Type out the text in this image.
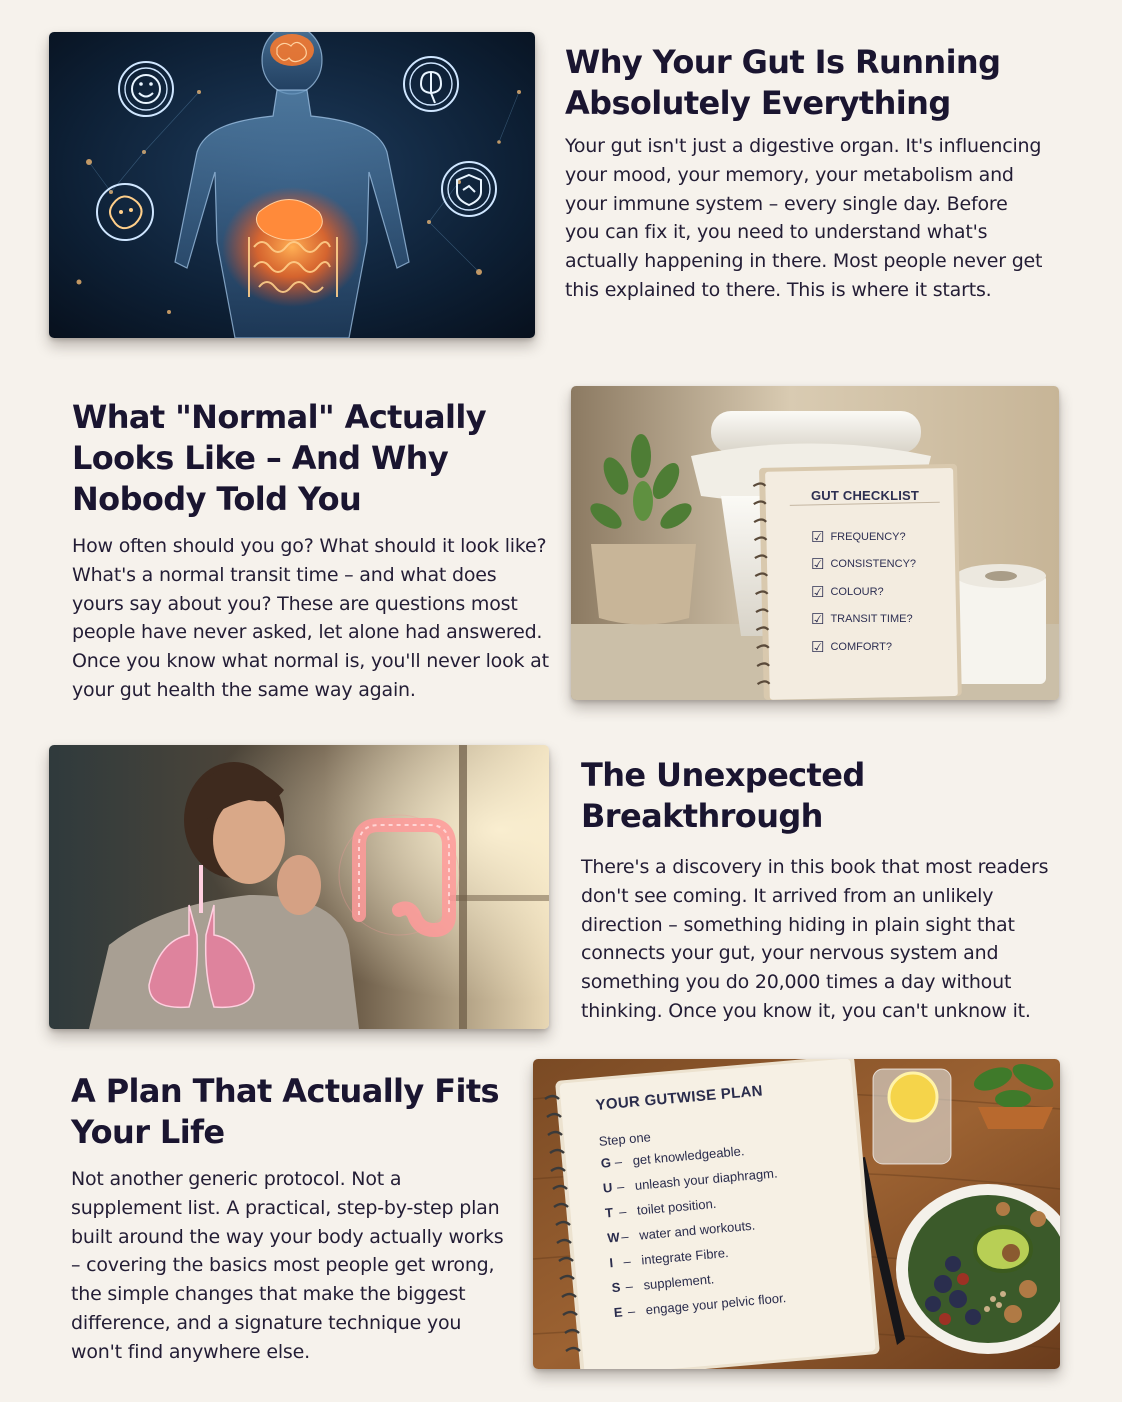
Why Your Gut Is Running Absolutely Everything

Your gut isn't just a digestive organ. It's influencing your mood, your memory, your metabolism and your immune system – every single day. Before you can fix it, you need to understand what's actually happening in there. Most people never get this explained to there. This is where it starts.

What "Normal" Actually Looks Like – And Why Nobody Told You

How often should you go? What should it look like? What's a normal transit time – and what does yours say about you? These are questions most people have never asked, let alone had answered. Once you know what normal is, you'll never look at your gut health the same way again.

GUT CHECKLIST
☑ FREQUENCY?
☑ CONSISTENCY?
☑ COLOUR?
☑ TRANSIT TIME?
☑ COMFORT?
The Unexpected Breakthrough

There's a discovery in this book that most readers don't see coming. It arrived from an unlikely direction – something hiding in plain sight that connects your gut, your nervous system and something you do 20,000 times a day without thinking. Once you know it, you can't unknow it.

A Plan That Actually Fits Your Life

Not another generic protocol. Not a supplement list. A practical, step-by-step plan built around the way your body actually works – covering the basics most people get wrong, the simple changes that make the biggest difference, and a signature technique you won't find anywhere else.

YOUR GUTWISE PLAN
Step one
G – get knowledgeable.
U – unleash your diaphragm.
T – toilet position.
W – water and workouts.
I – integrate Fibre.
S – supplement.
E – engage your pelvic floor.
